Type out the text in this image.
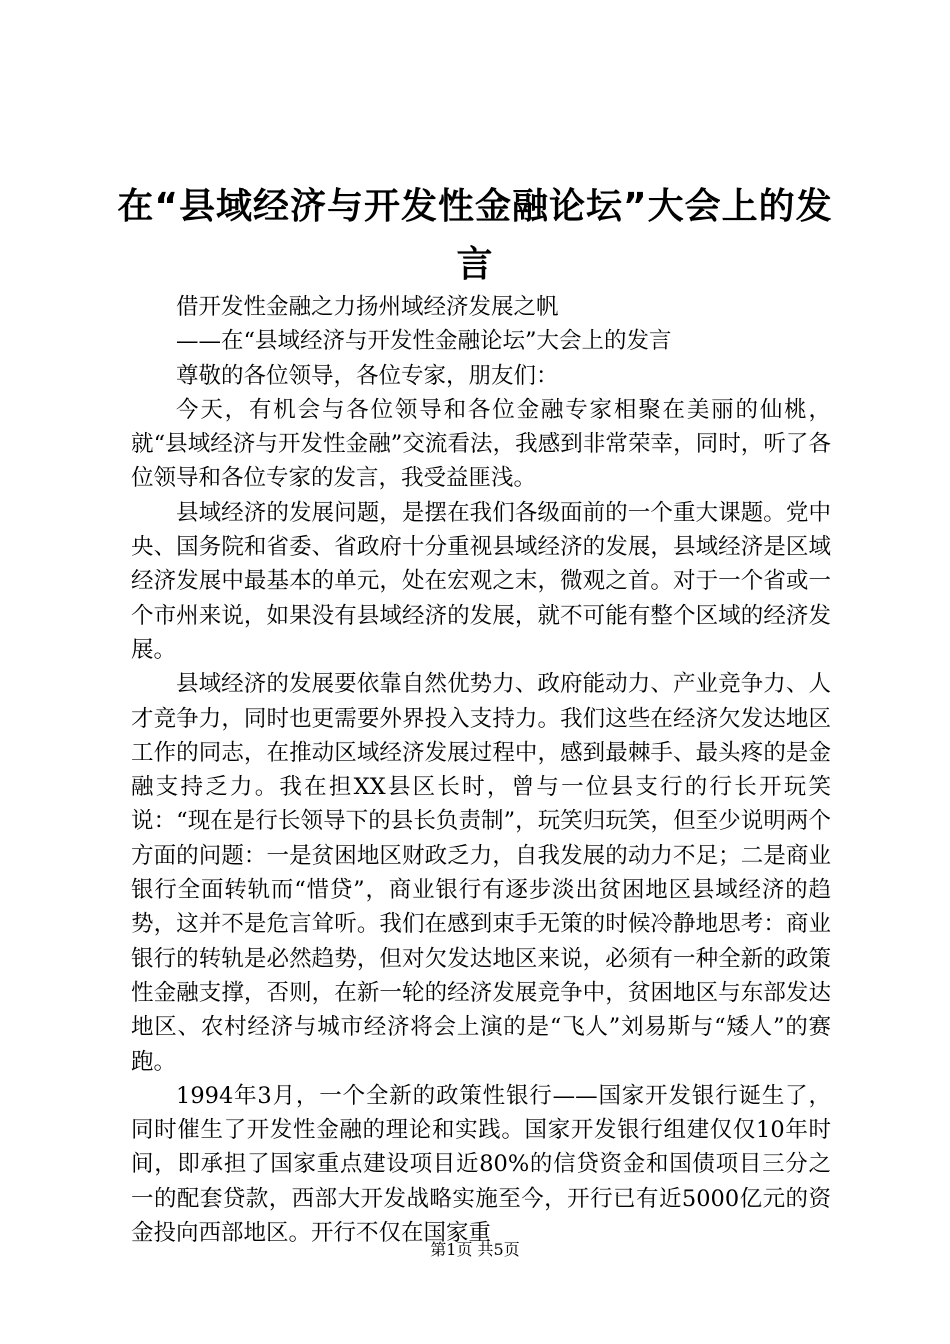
在“县域经济与开发性金融论坛”大会上的发言

借开发性金融之力扬州域经济发展之帆

——在“县域经济与开发性金融论坛”大会上的发言

尊敬的各位领导，各位专家，朋友们：

今天，有机会与各位领导和各位金融专家相聚在美丽的仙桃，就“县域经济与开发性金融”交流看法，我感到非常荣幸，同时，听了各位领导和各位专家的发言，我受益匪浅。

县域经济的发展问题，是摆在我们各级面前的一个重大课题。党中央、国务院和省委、省政府十分重视县域经济的发展，县域经济是区域经济发展中最基本的单元，处在宏观之末，微观之首。对于一个省或一个市州来说，如果没有县域经济的发展，就不可能有整个区域的经济发展。

县域经济的发展要依靠自然优势力、政府能动力、产业竞争力、人才竞争力，同时也更需要外界投入支持力。我们这些在经济欠发达地区工作的同志，在推动区域经济发展过程中，感到最棘手、最头疼的是金融支持乏力。我在担XX县区长时，曾与一位县支行的行长开玩笑说：“现在是行长领导下的县长负责制”，玩笑归玩笑，但至少说明两个方面的问题：一是贫困地区财政乏力，自我发展的动力不足；二是商业银行全面转轨而“惜贷”，商业银行有逐步淡出贫困地区县域经济的趋势，这并不是危言耸听。我们在感到束手无策的时候冷静地思考：商业银行的转轨是必然趋势，但对欠发达地区来说，必须有一种全新的政策性金融支撑，否则，在新一轮的经济发展竞争中，贫困地区与东部发达地区、农村经济与城市经济将会上演的是“飞人”刘易斯与“矮人”的赛跑。

1994年3月，一个全新的政策性银行——国家开发银行诞生了，同时催生了开发性金融的理论和实践。国家开发银行组建仅仅10年时间，即承担了国家重点建设项目近80%的信贷资金和国债项目三分之一的配套贷款，西部大开发战略实施至今，开行已有近5000亿元的资金投向西部地区。开行不仅在国家重

第1页 共5页
